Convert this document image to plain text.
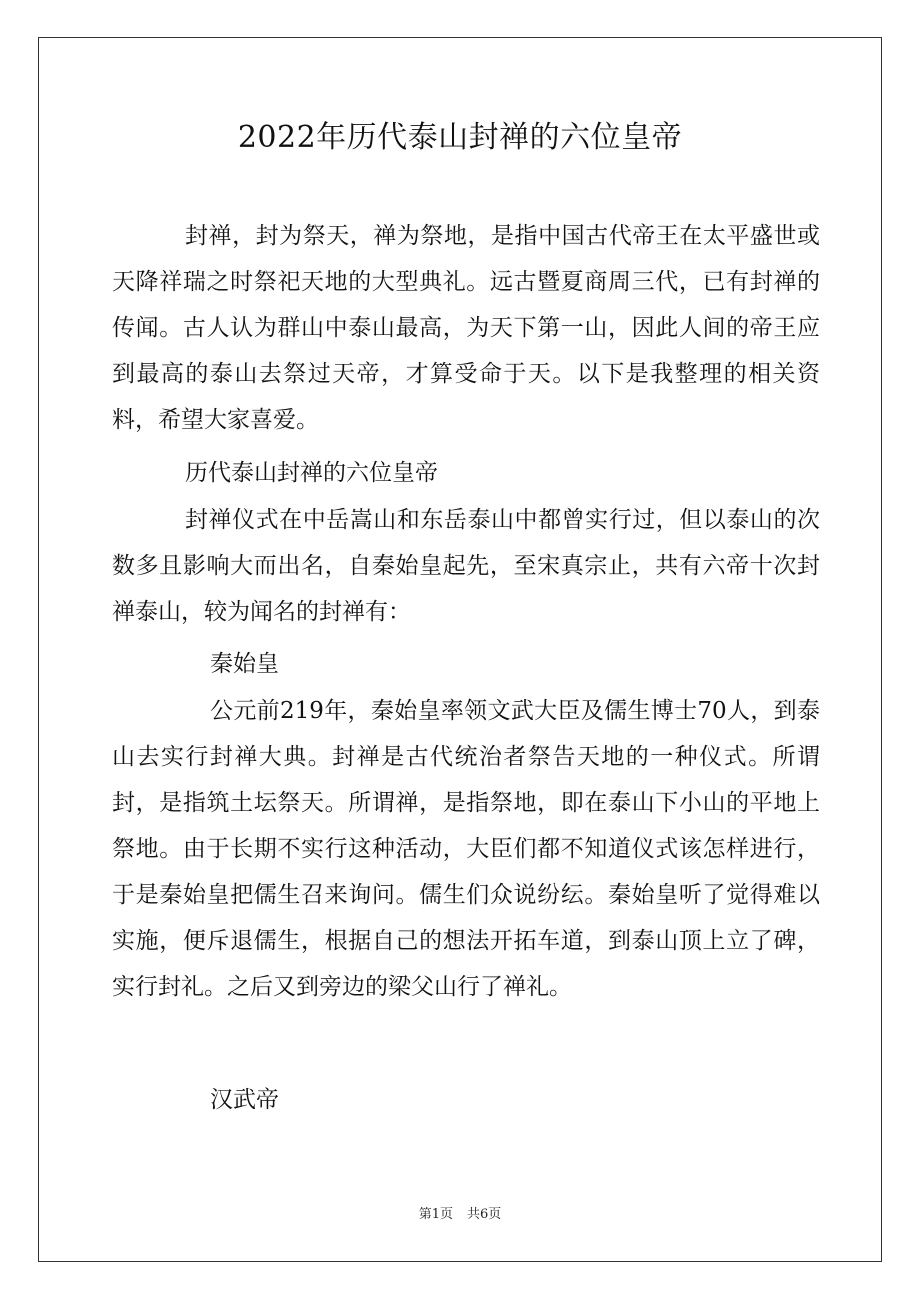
2022年历代泰山封禅的六位皇帝

封禅，封为祭天，禅为祭地，是指中国古代帝王在太平盛世或天降祥瑞之时祭祀天地的大型典礼。远古暨夏商周三代，已有封禅的传闻。古人认为群山中泰山最高，为天下第一山，因此人间的帝王应到最高的泰山去祭过天帝，才算受命于天。以下是我整理的相关资料，希望大家喜爱。

历代泰山封禅的六位皇帝

封禅仪式在中岳嵩山和东岳泰山中都曾实行过，但以泰山的次数多且影响大而出名，自秦始皇起先，至宋真宗止，共有六帝十次封禅泰山，较为闻名的封禅有：

秦始皇

公元前219年，秦始皇率领文武大臣及儒生博士70人，到泰山去实行封禅大典。封禅是古代统治者祭告天地的一种仪式。所谓封，是指筑土坛祭天。所谓禅，是指祭地，即在泰山下小山的平地上祭地。由于长期不实行这种活动，大臣们都不知道仪式该怎样进行，于是秦始皇把儒生召来询问。儒生们众说纷纭。秦始皇听了觉得难以实施，便斥退儒生，根据自己的想法开拓车道，到泰山顶上立了碑，实行封礼。之后又到旁边的梁父山行了禅礼。

汉武帝

第1页 共6页
